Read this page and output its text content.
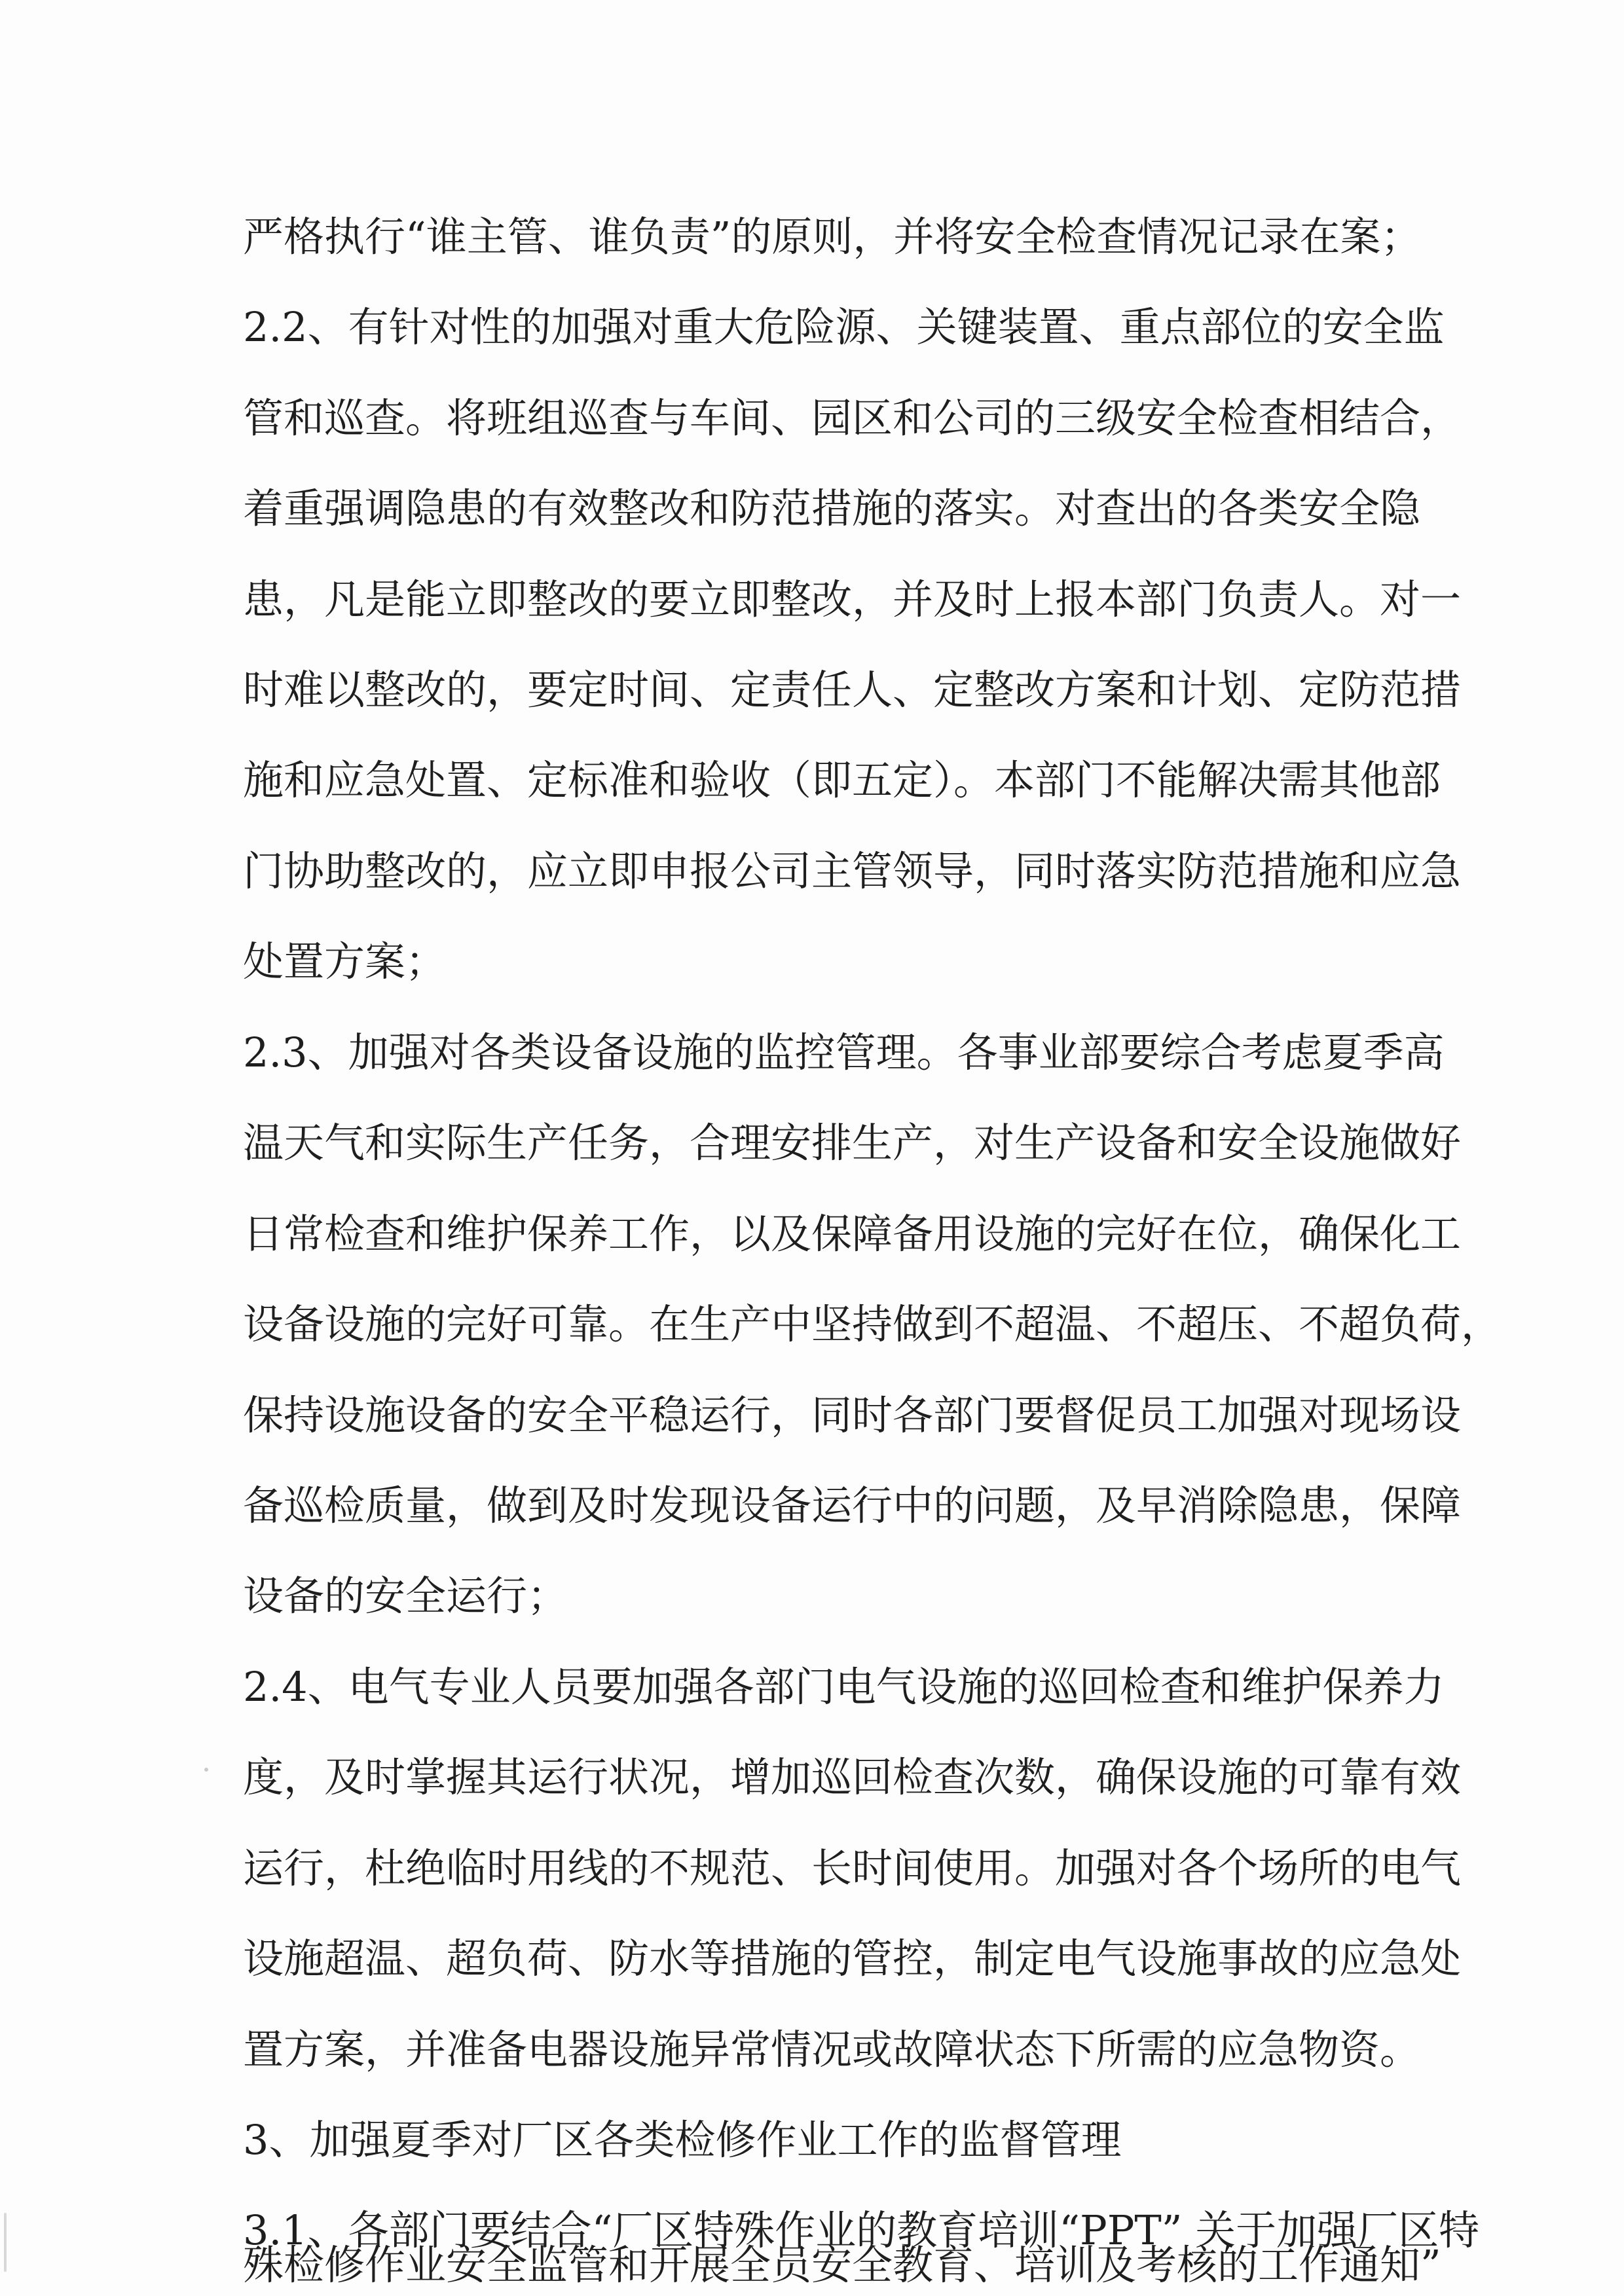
严格执行“谁主管、谁负责”的原则，并将安全检查情况记录在案；
2.2、有针对性的加强对重大危险源、关键装置、重点部位的安全监
管和巡查。将班组巡查与车间、园区和公司的三级安全检查相结合，
着重强调隐患的有效整改和防范措施的落实。对查出的各类安全隐
患，凡是能立即整改的要立即整改，并及时上报本部门负责人。对一
时难以整改的，要定时间、定责任人、定整改方案和计划、定防范措
施和应急处置、定标准和验收（即五定）。本部门不能解决需其他部
门协助整改的，应立即申报公司主管领导，同时落实防范措施和应急
处置方案；
2.3、加强对各类设备设施的监控管理。各事业部要综合考虑夏季高
温天气和实际生产任务，合理安排生产，对生产设备和安全设施做好
日常检查和维护保养工作，以及保障备用设施的完好在位，确保化工
设备设施的完好可靠。在生产中坚持做到不超温、不超压、不超负荷，
保持设施设备的安全平稳运行，同时各部门要督促员工加强对现场设
备巡检质量，做到及时发现设备运行中的问题，及早消除隐患，保障
设备的安全运行；
2.4、电气专业人员要加强各部门电气设施的巡回检查和维护保养力
度，及时掌握其运行状况，增加巡回检查次数，确保设施的可靠有效
运行，杜绝临时用线的不规范、长时间使用。加强对各个场所的电气
设施超温、超负荷、防水等措施的管控，制定电气设施事故的应急处
置方案，并准备电器设施异常情况或故障状态下所需的应急物资。
3、加强夏季对厂区各类检修作业工作的监督管理
3.1、各部门要结合“厂区特殊作业的教育培训“PPT” 关于加强厂区特
殊检修作业安全监管和开展全员安全教育、培训及考核的工作通知”
